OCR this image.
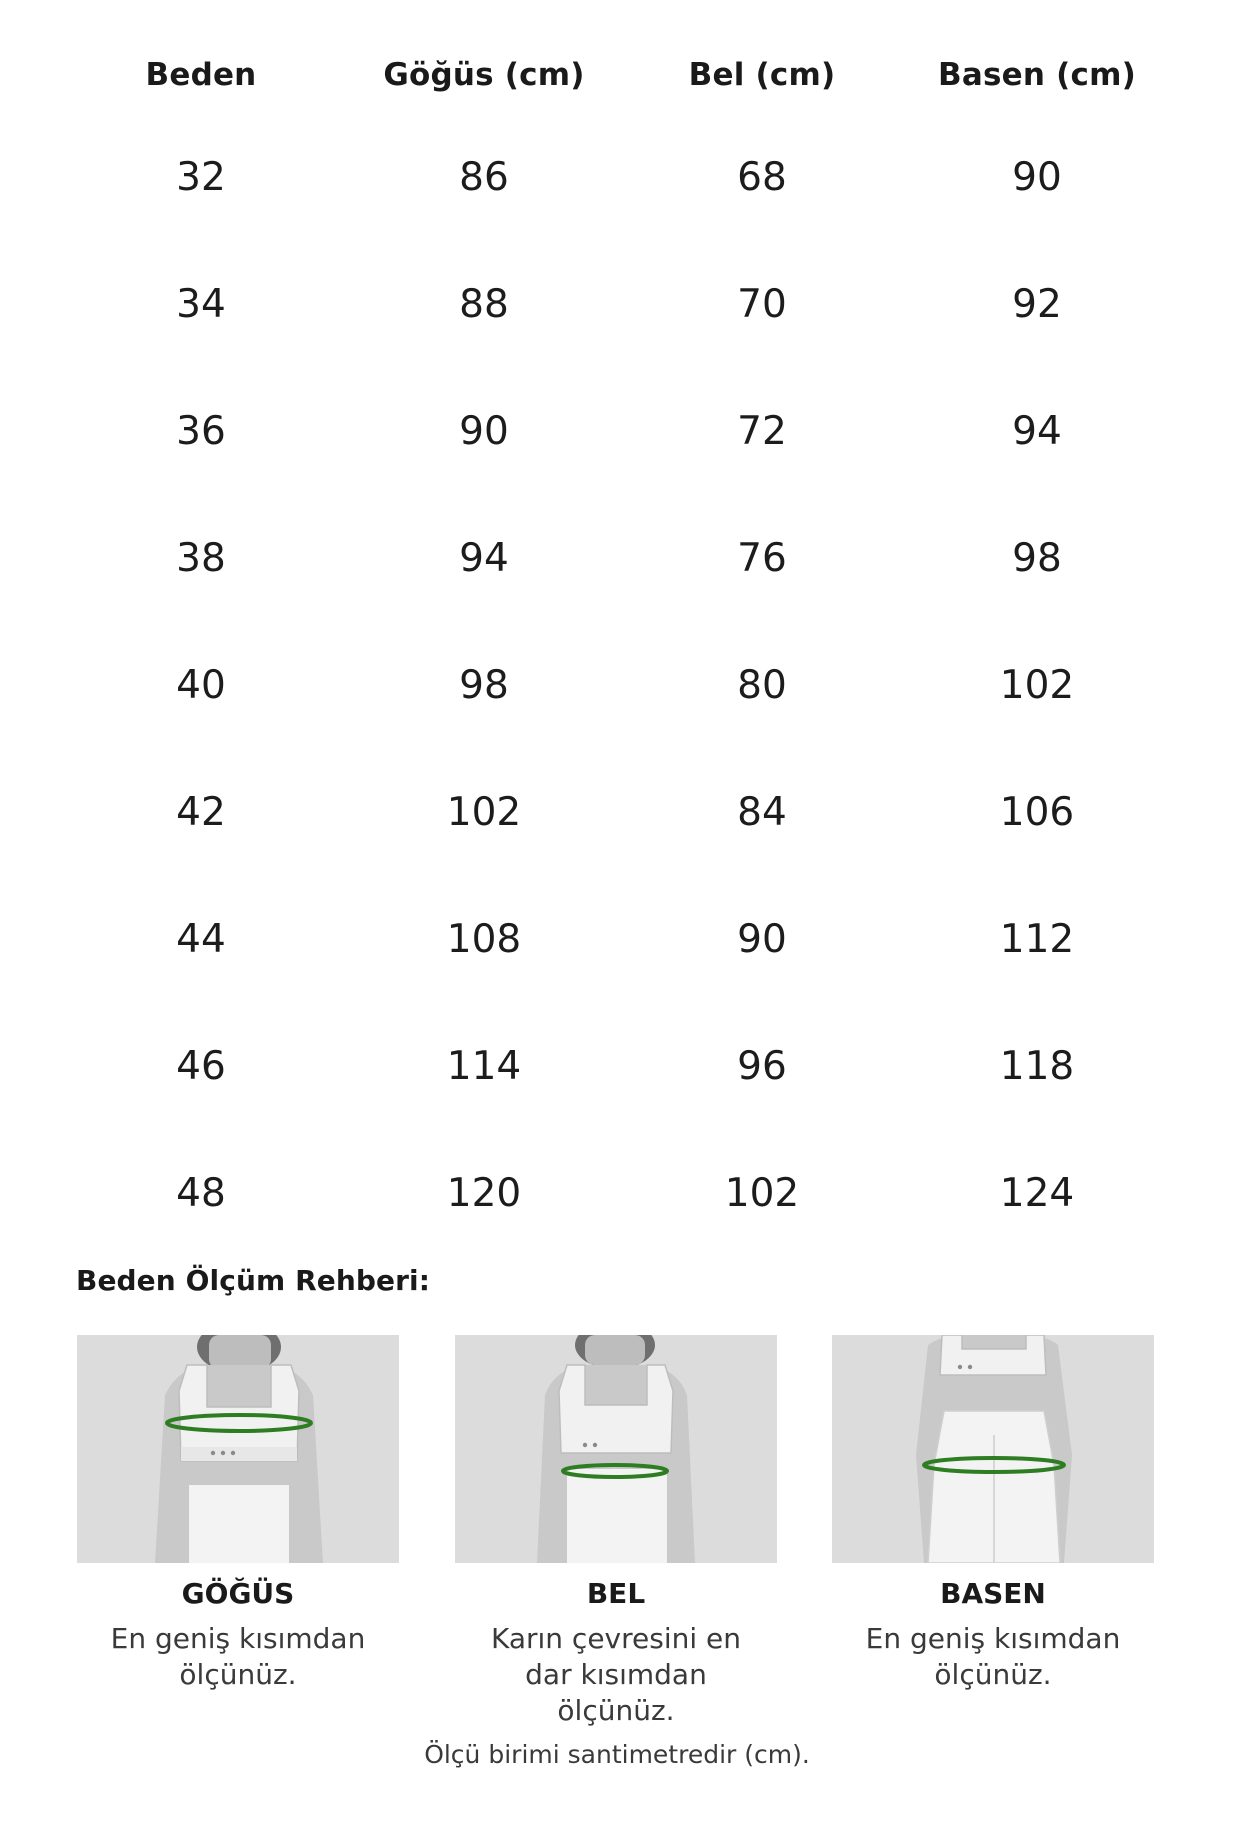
Beden	Göğüs (cm)	Bel (cm)	Basen (cm)
32	86	68	90
34	88	70	92
36	90	72	94
38	94	76	98
40	98	80	102
42	102	84	106
44	108	90	112
46	114	96	118
48	120	102	124
Beden Ölçüm Rehberi:
GÖĞÜS
En geniş kısımdan ölçünüz.
BEL
Karın çevresini en dar kısımdan ölçünüz.
BASEN
En geniş kısımdan ölçünüz.
Ölçü birimi santimetredir (cm).
